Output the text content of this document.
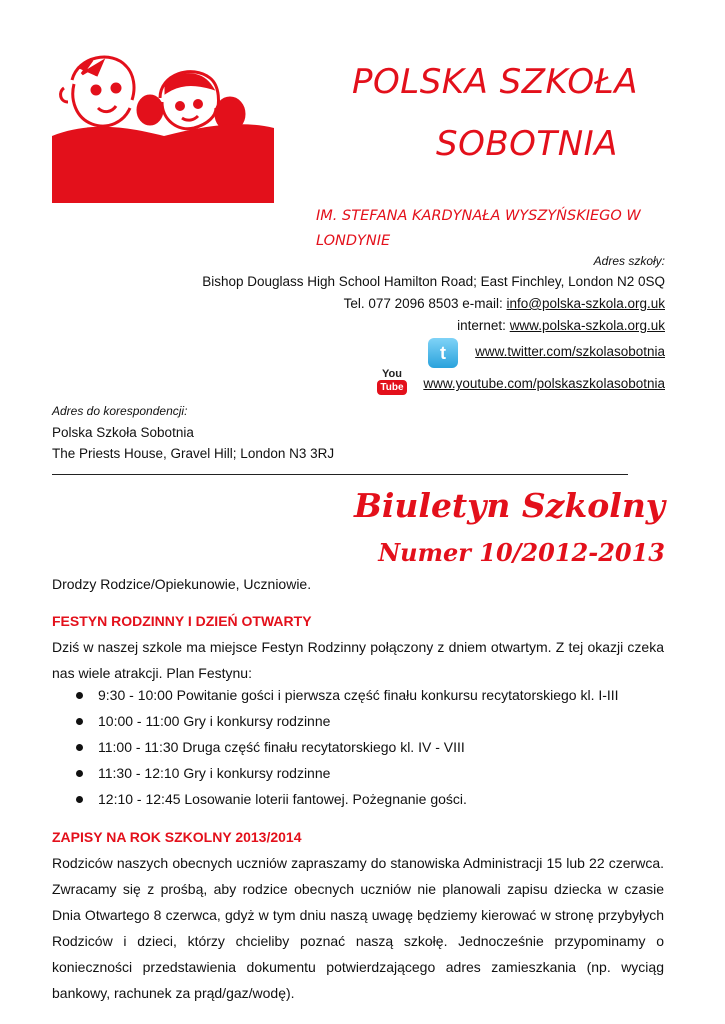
POLSKA SZKOŁA
SOBOTNIA
IM. STEFANA KARDYNAŁA WYSZYŃSKIEGO W LONDYNIE
Adres szkoły:
Bishop Douglass High School Hamilton Road; East Finchley, London N2 0SQ
Tel. 077 2096 8503 e-mail: info@polska-szkola.org.uk
internet: www.polska-szkola.org.uk
t	www.twitter.com/szkolasobotnia
You
Tube www.youtube.com/polskaszkolasobotnia
Adres do korespondencji:
Polska Szkoła Sobotnia
The Priests House, Gravel Hill; London N3 3RJ
Biuletyn Szkolny
Numer 10/2012-2013
Drodzy Rodzice/Opiekunowie, Uczniowie.
FESTYN RODZINNY I DZIEŃ OTWARTY
Dziś w naszej szkole ma miejsce Festyn Rodzinny połączony z dniem otwartym. Z tej okazji czeka nas wiele atrakcji. Plan Festynu:
9:30 - 10:00 Powitanie gości i pierwsza część finału konkursu recytatorskiego kl. I-III
10:00 - 11:00 Gry i konkursy rodzinne
11:00 - 11:30 Druga część finału recytatorskiego kl. IV - VIII
11:30 - 12:10 Gry i konkursy rodzinne
12:10 - 12:45 Losowanie loterii fantowej. Pożegnanie gości.
ZAPISY NA ROK SZKOLNY 2013/2014
Rodziców naszych obecnych uczniów zapraszamy do stanowiska Administracji 15 lub 22 czerwca. Zwracamy się z prośbą, aby rodzice obecnych uczniów nie planowali zapisu dziecka w czasie Dnia Otwartego 8 czerwca, gdyż w tym dniu naszą uwagę będziemy kierować w stronę przybyłych Rodziców i dzieci, którzy chcieliby poznać naszą szkołę. Jednocześnie przypominamy o konieczności przedstawienia dokumentu potwierdzającego adres zamieszkania (np. wyciąg bankowy, rachunek za prąd/gaz/wodę).
